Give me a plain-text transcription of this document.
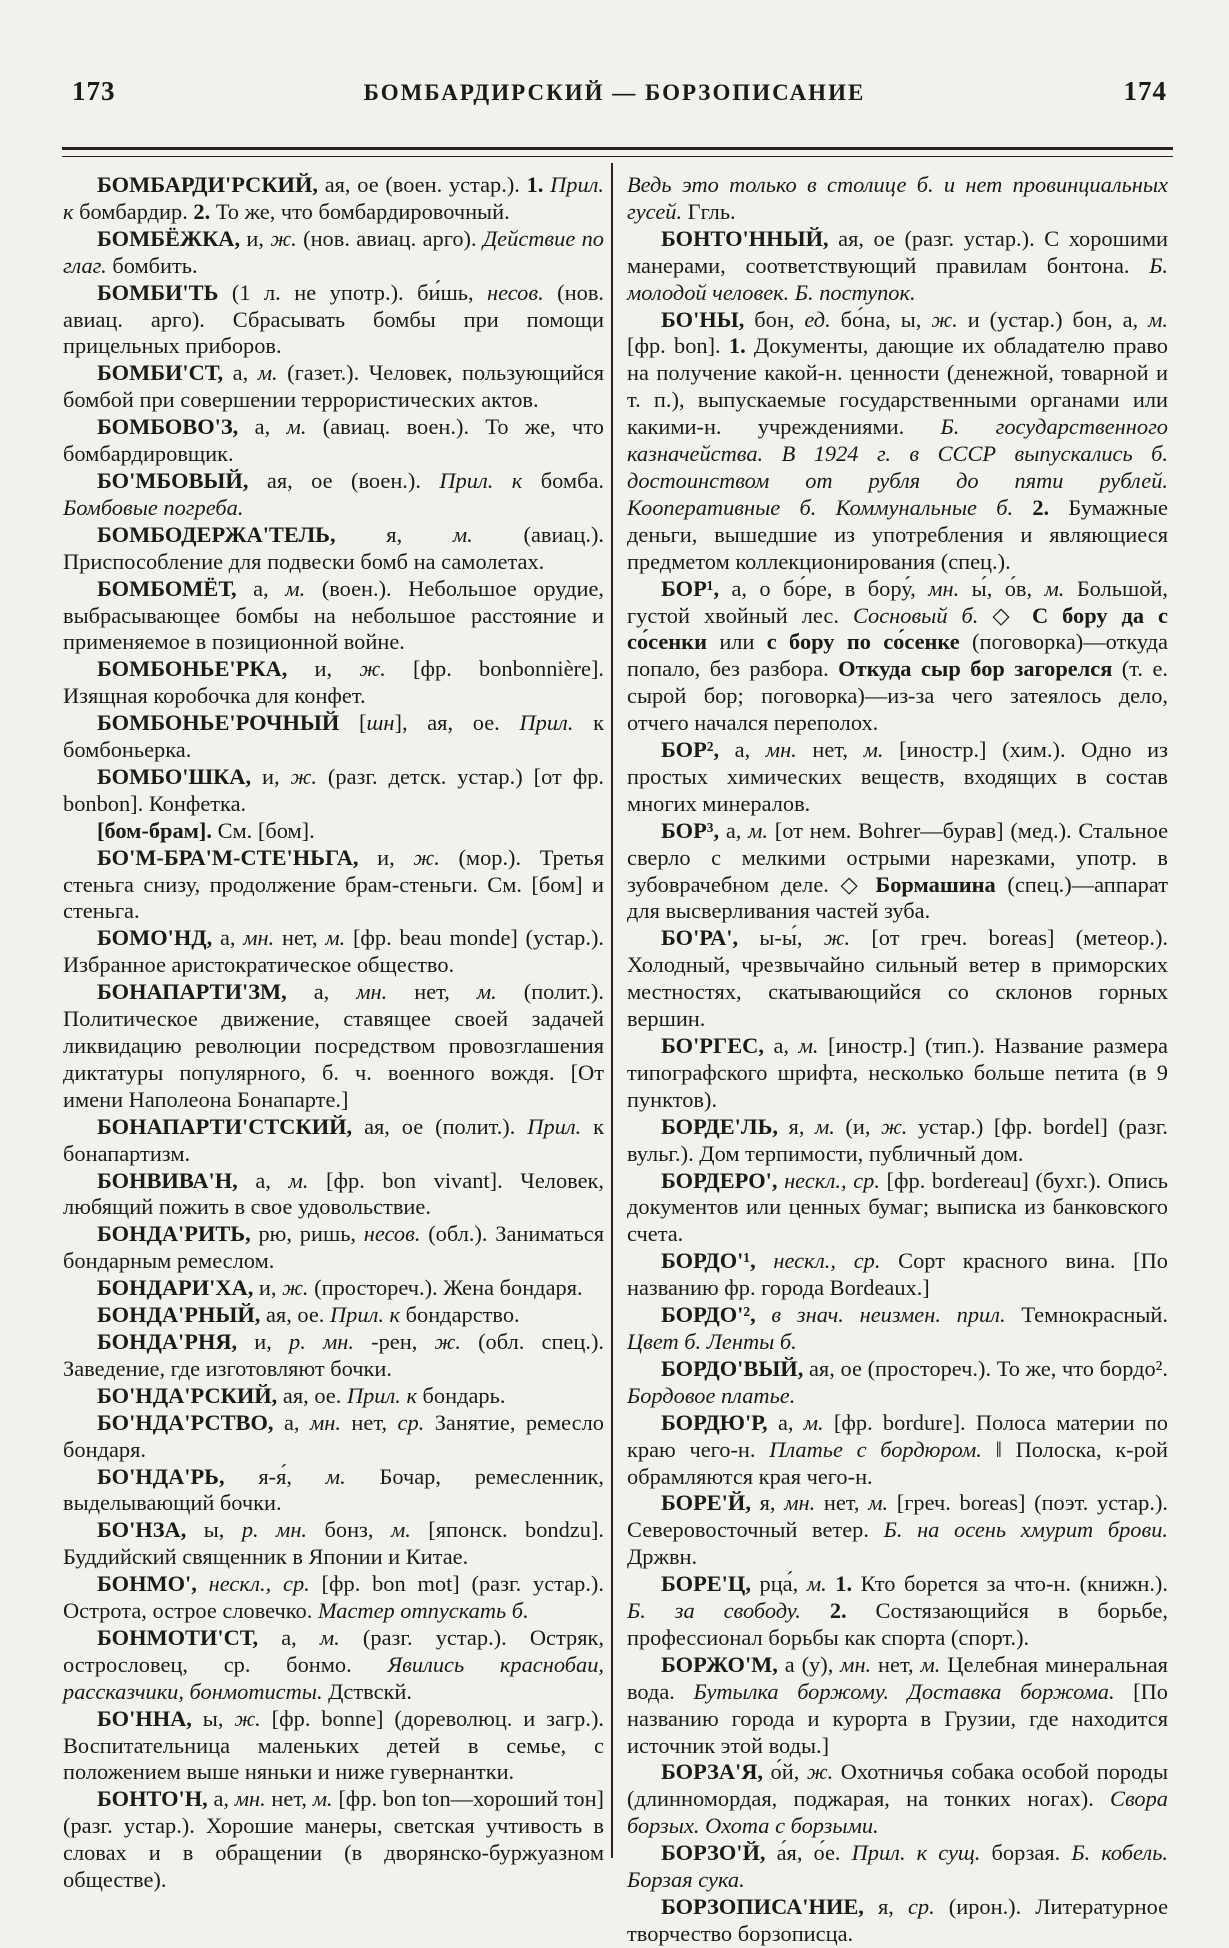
173	БОМБАРДИРСКИЙ — БОРЗОПИСАНИЕ	174

БОМБАРДИ'РСКИЙ, ая, ое (воен. устар.). 1. Прил. к бомбардир. 2. То же, что бомбардировочный.

БОМБЁЖКА, и, ж. (нов. авиац. арго). Действие по глаг. бомбить.

БОМБИ'ТЬ (1 л. не употр.). би́шь, несов. (нов. авиац. арго). Сбрасывать бомбы при помощи прицельных приборов.

БОМБИ'СТ, а, м. (газет.). Человек, пользующийся бомбой при совершении террористических актов.

БОМБОВО'З, а, м. (авиац. воен.). То же, что бомбардировщик.

БО'МБОВЫЙ, ая, ое (воен.). Прил. к бомба. Бомбовые погреба.

БОМБОДЕРЖА'ТЕЛЬ, я, м. (авиац.). Приспособление для подвески бомб на самолетах.

БОМБОМЁТ, а, м. (воен.). Небольшое орудие, выбрасывающее бомбы на небольшое расстояние и применяемое в позиционной войне.

БОМБОНЬЕ'РКА, и, ж. [фр. bonbonnière]. Изящная коробочка для конфет.

БОМБОНЬЕ'РОЧНЫЙ [шн], ая, ое. Прил. к бомбоньерка.

БОМБО'ШКА, и, ж. (разг. детск. устар.) [от фр. bonbon]. Конфетка.

[бом-брам]. См. [бом].

БО'М-БРА'М-СТЕ'НЬГА, и, ж. (мор.). Третья стеньга снизу, продолжение брам-стеньги. См. [бом] и стеньга.

БОМО'НД, а, мн. нет, м. [фр. beau monde] (устар.). Избранное аристократическое общество.

БОНАПАРТИ'ЗМ, а, мн. нет, м. (полит.). Политическое движение, ставящее своей задачей ликвидацию революции посредством провозглашения диктатуры популярного, б. ч. военного вождя. [От имени Наполеона Бонапарте.]

БОНАПАРТИ'СТСКИЙ, ая, ое (полит.). Прил. к бонапартизм.

БОНВИВА'Н, а, м. [фр. bon vivant]. Человек, любящий пожить в свое удовольствие.

БОНДА'РИТЬ, рю, ришь, несов. (обл.). Заниматься бондарным ремеслом.

БОНДАРИ'ХА, и, ж. (простореч.). Жена бондаря.

БОНДА'РНЫЙ, ая, ое. Прил. к бондарство.

БОНДА'РНЯ, и, р. мн. -рен, ж. (обл. спец.). Заведение, где изготовляют бочки.

БО'НДА'РСКИЙ, ая, ое. Прил. к бондарь.

БО'НДА'РСТВО, а, мн. нет, ср. Занятие, ремесло бондаря.

БО'НДА'РЬ, я-я́, м. Бочар, ремесленник, выделывающий бочки.

БО'НЗА, ы, р. мн. бонз, м. [японск. bondzu]. Буддийский священник в Японии и Китае.

БОНМО', нескл., ср. [фр. bon mot] (разг. устар.). Острота, острое словечко. Мастер отпускать б.

БОНМОТИ'СТ, а, м. (разг. устар.). Остряк, острословец, ср. бонмо. Явились краснобаи, рассказчики, бонмотисты. Дствскй.

БО'ННА, ы, ж. [фр. bonne] (дореволюц. и загр.). Воспитательница маленьких детей в семье, с положением выше няньки и ниже гувернантки.

БОНТО'Н, а, мн. нет, м. [фр. bon ton—хороший тон] (разг. устар.). Хорошие манеры, светская учтивость в словах и в обращении (в дворянско-буржуазном обществе).

Ведь это только в столице б. и нет провинциальных гусей. Ггль.

БОНТО'ННЫЙ, ая, ое (разг. устар.). С хорошими манерами, соответствующий правилам бонтона. Б. молодой человек. Б. поступок.

БО'НЫ, бон, ед. бо́на, ы, ж. и (устар.) бон, а, м. [фр. bon]. 1. Документы, дающие их обладателю право на получение какой-н. ценности (денежной, товарной и т. п.), выпускаемые государственными органами или какими-н. учреждениями. Б. государственного казначейства. В 1924 г. в СССР выпускались б. достоинством от рубля до пяти рублей. Кооперативные б. Коммунальные б. 2. Бумажные деньги, вышедшие из употребления и являющиеся предметом коллекционирования (спец.).

БОР¹, а, о бо́ре, в бору́, мн. ы́, о́в, м. Большой, густой хвойный лес. Сосновый б. ◇ С бору да с со́сенки или с бору по со́сенке (поговорка)—откуда попало, без разбора. Откуда сыр бор загорелся (т. е. сырой бор; поговорка)—из-за чего затеялось дело, отчего начался переполох.

БОР², а, мн. нет, м. [иностр.] (хим.). Одно из простых химических веществ, входящих в состав многих минералов.

БОР³, а, м. [от нем. Bohrer—бурав] (мед.). Стальное сверло с мелкими острыми нарезками, употр. в зубоврачебном деле. ◇ Бормашина (спец.)—аппарат для высверливания частей зуба.

БО'РА', ы-ы́, ж. [от греч. boreas] (метеор.). Холодный, чрезвычайно сильный ветер в приморских местностях, скатывающийся со склонов горных вершин.

БО'РГЕС, а, м. [иностр.] (тип.). Название размера типографского шрифта, несколько больше петита (в 9 пунктов).

БОРДЕ'ЛЬ, я, м. (и, ж. устар.) [фр. bordel] (разг. вульг.). Дом терпимости, публичный дом.

БОРДЕРО', нескл., ср. [фр. bordereau] (бухг.). Опись документов или ценных бумаг; выписка из банковского счета.

БОРДО'¹, нескл., ср. Сорт красного вина. [По названию фр. города Bordeaux.]

БОРДО'², в знач. неизмен. прил. Темнокрасный. Цвет б. Ленты б.

БОРДО'ВЫЙ, ая, ое (простореч.). То же, что бордо². Бордовое платье.

БОРДЮ'Р, а, м. [фр. bordure]. Полоса материи по краю чего-н. Платье с бордюром. ‖ Полоска, к-рой обрамляются края чего-н.

БОРЕ'Й, я, мн. нет, м. [греч. boreas] (поэт. устар.). Северовосточный ветер. Б. на осень хмурит брови. Држвн.

БОРЕ'Ц, рца́, м. 1. Кто борется за что-н. (книжн.). Б. за свободу. 2. Состязающийся в борьбе, профессионал борьбы как спорта (спорт.).

БОРЖО'М, а (у), мн. нет, м. Целебная минеральная вода. Бутылка боржому. Доставка боржома. [По названию города и курорта в Грузии, где находится источник этой воды.]

БОРЗА'Я, о́й, ж. Охотничья собака особой породы (длинномордая, поджарая, на тонких ногах). Свора борзых. Охота с борзыми.

БОРЗО'Й, а́я, о́е. Прил. к сущ. борзая. Б. кобель. Борзая сука.

БОРЗОПИСА'НИЕ, я, ср. (ирон.). Литературное творчество борзописца.
